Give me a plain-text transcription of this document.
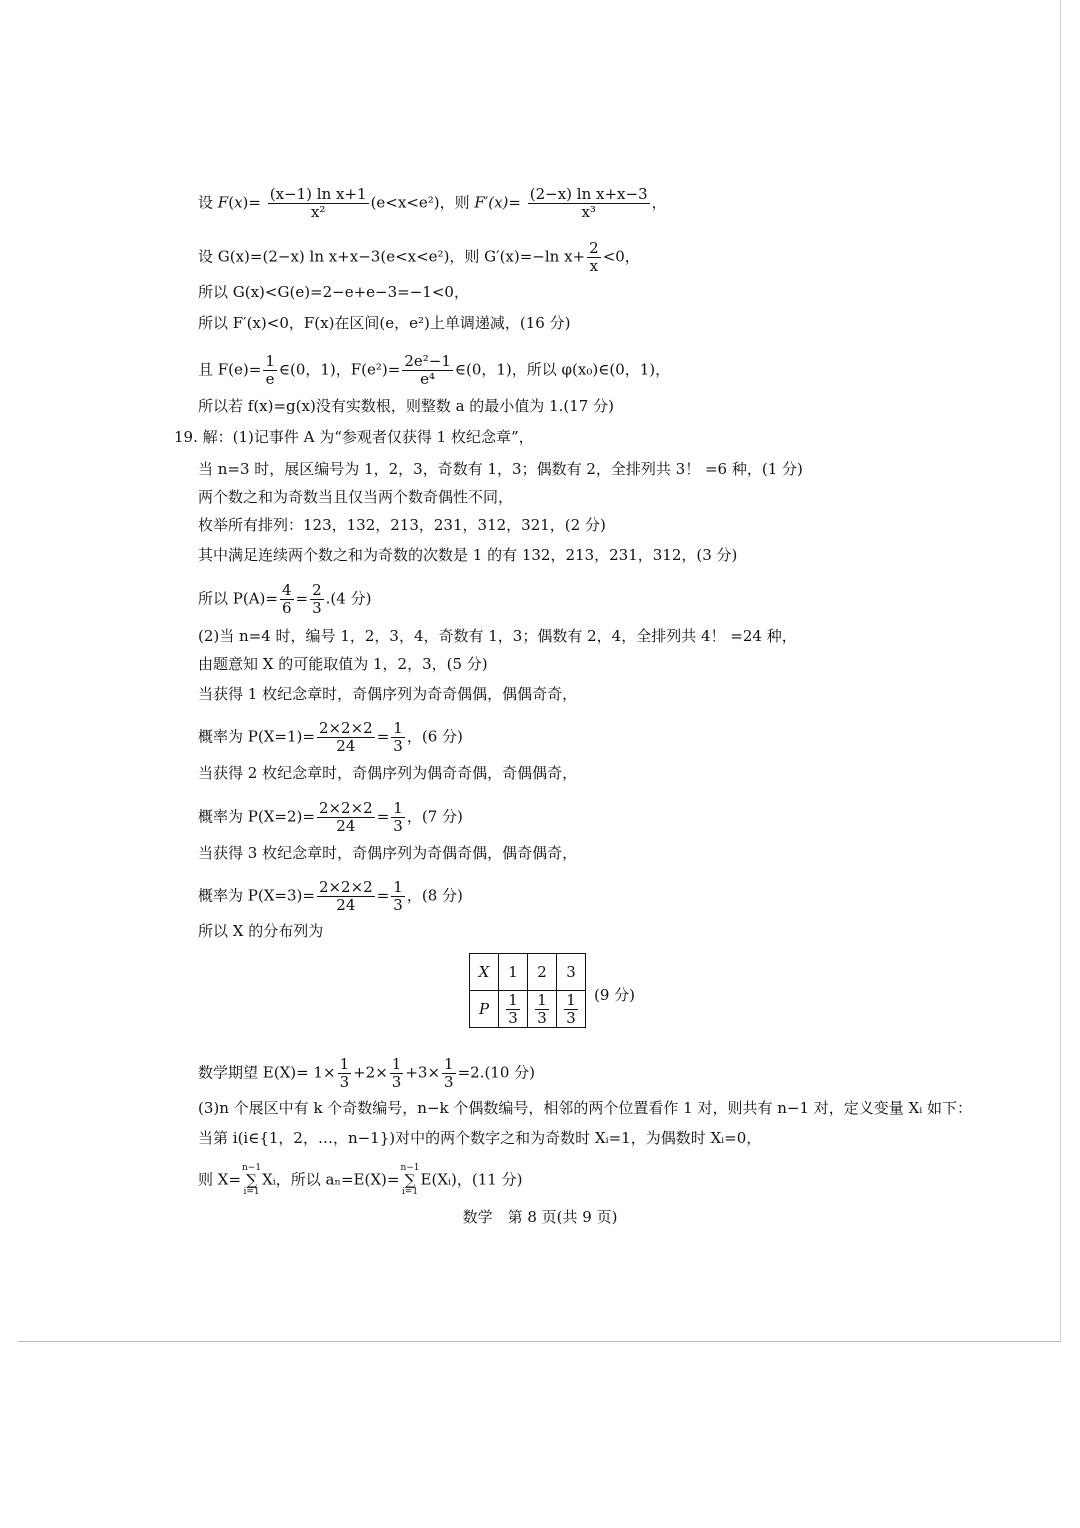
设 $F(x)= \frac{\text{(x−1) ln x+1}}{\text{x²}} (e<x<e^2)$，则 $F'(x)= \frac{\text{(2−x) ln x+x−3}}{\text{x³}}$ ，
设 G(x)=(2−x) ln x+x−3(e<x<e²)，则 G′(x)=−ln $x+ \frac{2}{x} <0$，
所以 G(x)<G(e)=2−e+e−3=−1<0，
所以 F′(x)<0，F(x)在区间(e，e²)上单调递减，(16 分)
且 $F(e)= \frac{1}{e}$ ∈(0，1)，$F(e^2)= \frac{\text{2e²−1}}{\text{e⁴}}$ ∈(0，1)，所以 φ(x₀)∈(0，1)，
所以若 f(x)=g(x)没有实数根，则整数 a 的最小值为 1.(17 分)
19. 解：(1)记事件 A 为“参观者仅获得 1 枚纪念章”，
当 n=3 时，展区编号为 1，2，3，奇数有 1，3；偶数有 2，全排列共 3！ =6 种，(1 分)
两个数之和为奇数当且仅当两个数奇偶性不同，
枚举所有排列：123，132，213，231，312，321，(2 分)
其中满足连续两个数之和为奇数的次数是 1 的有 132，213，231，312，(3 分)
所以 $P(A)= \frac{4}{6} = \frac{2}{3} .(4$ 分)
(2)当 n=4 时，编号 1，2，3，4，奇数有 1，3；偶数有 2，4，全排列共 4！ =24 种，
由题意知 X 的可能取值为 1，2，3，(5 分)
当获得 1 枚纪念章时，奇偶序列为奇奇偶偶，偶偶奇奇，
概率为 $P(X=1)= \frac{2\times 2\times 2}{24} = \frac{1}{3}$ ，(6 分)
当获得 2 枚纪念章时，奇偶序列为偶奇奇偶，奇偶偶奇，
概率为 $P(X=2)= \frac{2\times 2\times 2}{24} = \frac{1}{3}$ ，(7 分)
当获得 3 枚纪念章时，奇偶序列为奇偶奇偶，偶奇偶奇，
概率为 $P(X=3)= \frac{2\times 2\times 2}{24} = \frac{1}{3}$ ，(8 分)
所以 X 的分布列为
X	1	2	3
P	$\frac{1}{3}$	$\frac{1}{3}$	$\frac{1}{3} (9$ 分)
数学期望 $E(X)= 1\times \frac{1}{3} +2\times \frac{1}{3} +3\times \frac{1}{3} =2.(10$ 分)
(3)n 个展区中有 k 个奇数编号，n−k 个偶数编号，相邻的两个位置看作 1 对，则共有 n−1 对，定义变量 Xᵢ 如下：
当第 i(i∈{1，2，…，n−1})对中的两个数字之和为奇数时 Xᵢ=1，为偶数时 Xᵢ=0，
则 X=
n−1
∑
i=1
Xᵢ，所以 aₙ=E(X)=
n−1
∑
i=1
E(Xᵢ)，(11 分)
数学　第 8 页(共 9 页)
